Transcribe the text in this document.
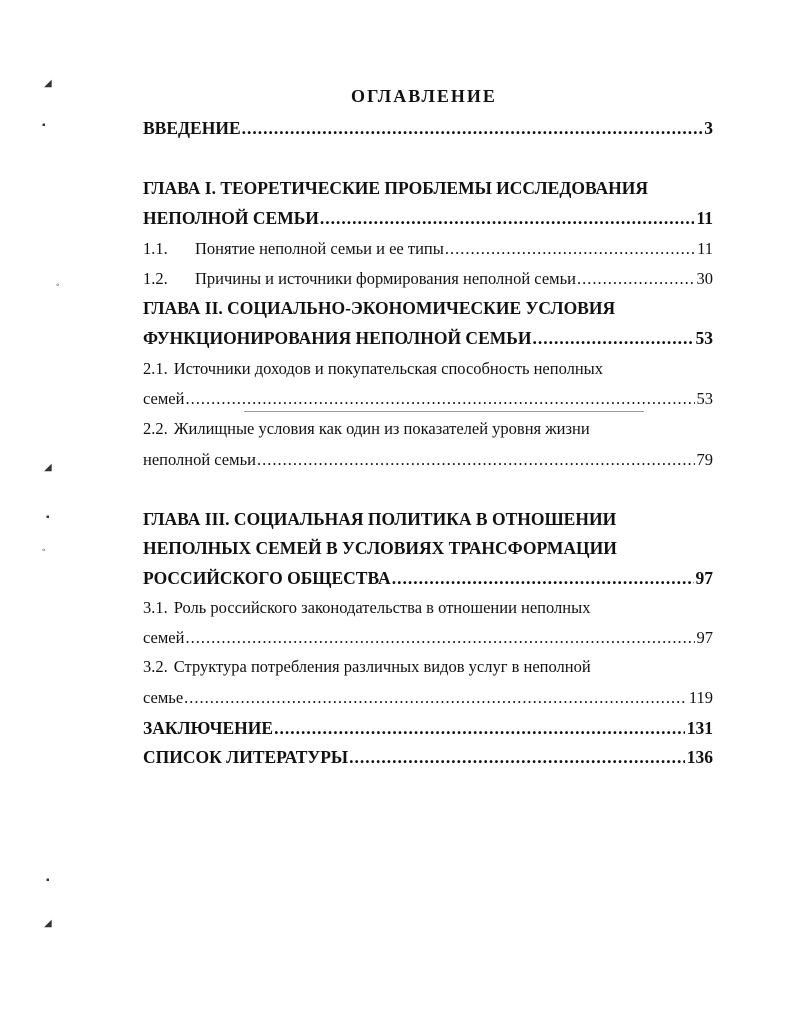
ОГЛАВЛЕНИЕ
ВВЕДЕНИЕ .....	3
ГЛАВА I. ТЕОРЕТИЧЕСКИЕ ПРОБЛЕМЫ ИССЛЕДОВАНИЯ
НЕПОЛНОЙ СЕМЬИ .....	11
1.1.	Понятие неполной семьи и ее типы .....	11
1.2.	Причины и источники формирования неполной семьи .....	30
ГЛАВА II. СОЦИАЛЬНО-ЭКОНОМИЧЕСКИЕ УСЛОВИЯ
ФУНКЦИОНИРОВАНИЯ НЕПОЛНОЙ СЕМЬИ .....	53
2.1. Источники доходов и покупательская способность неполных
семей .....	53
2.2. Жилищные условия как один из показателей уровня жизни
неполной семьи .....	79
ГЛАВА III. СОЦИАЛЬНАЯ ПОЛИТИКА В ОТНОШЕНИИ
НЕПОЛНЫХ СЕМЕЙ В УСЛОВИЯХ ТРАНСФОРМАЦИИ
РОССИЙСКОГО ОБЩЕСТВА .....	97
3.1. Роль российского законодательства в отношении неполных
семей .....	97
3.2. Структура потребления различных видов услуг в неполной
семье .....	119
ЗАКЛЮЧЕНИЕ .....	131
СПИСОК ЛИТЕРАТУРЫ .....	136
◢
▪
◦
◢
▪
◦
▪
◢
